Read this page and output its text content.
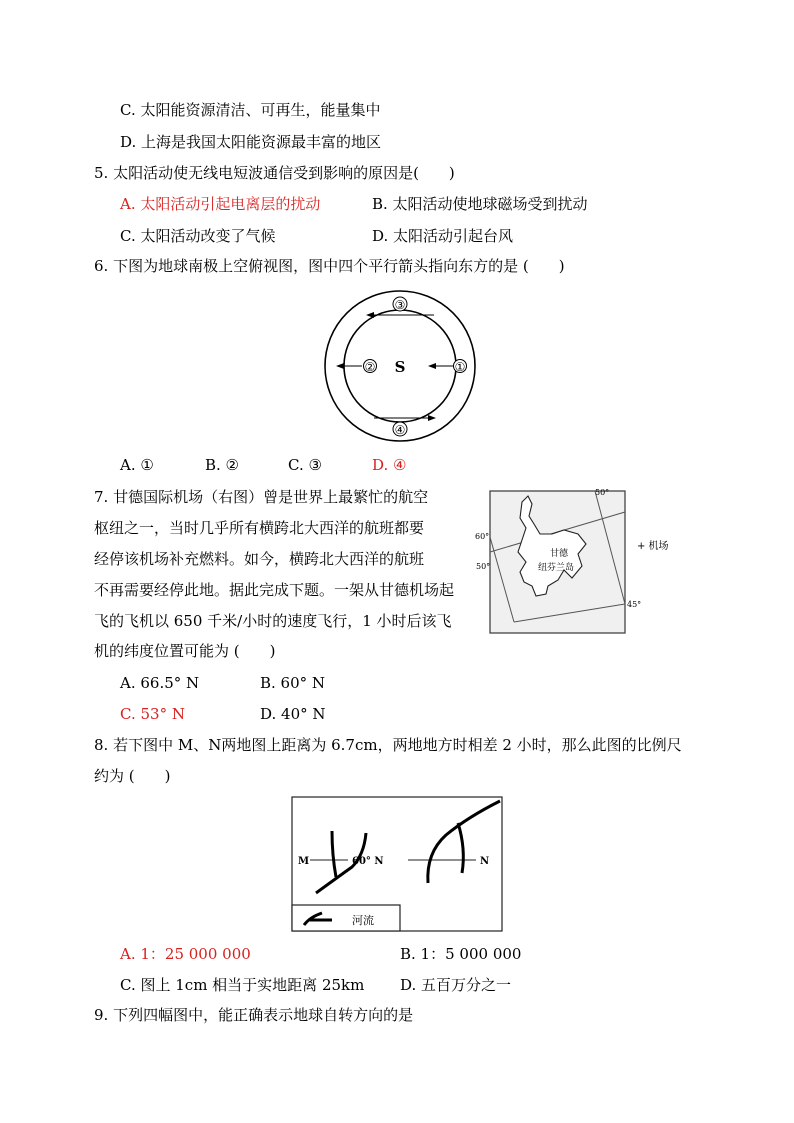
C. 太阳能资源清洁、可再生，能量集中
D. 上海是我国太阳能资源最丰富的地区
5. 太阳活动使无线电短波通信受到影响的原因是(　　)
A. 太阳活动引起电离层的扰动	B. 太阳活动使地球磁场受到扰动
C. 太阳活动改变了气候	D. 太阳活动引起台风
6. 下图为地球南极上空俯视图，图中四个平行箭头指向东方的是 (　　)
③
④
②	①
S
A. ①	B. ②	C. ③	D. ④
7. 甘德国际机场（右图）曾是世界上最繁忙的航空
枢纽之一，当时几乎所有横跨北大西洋的航班都要
经停该机场补充燃料。如今，横跨北大西洋的航班
不再需要经停此地。据此完成下题。一架从甘德机场起
飞的飞机以 650 千米/小时的速度飞行，1 小时后该飞
机的纬度位置可能为 (　　)
50°
60°
50°
45°
甘德
纽芬兰岛
+ 机场
A. 66.5° N	B. 60° N
C. 53° N	D. 40° N
8. 若下图中 M、N两地图上距离为 6.7cm，两地地方时相差 2 小时，那么此图的比例尺
约为 (　　)
M	N
60° N
河流
A. 1：25 000 000	B. 1：5 000 000
C. 图上 1cm 相当于实地距离 25km D. 五百万分之一
9. 下列四幅图中，能正确表示地球自转方向的是
